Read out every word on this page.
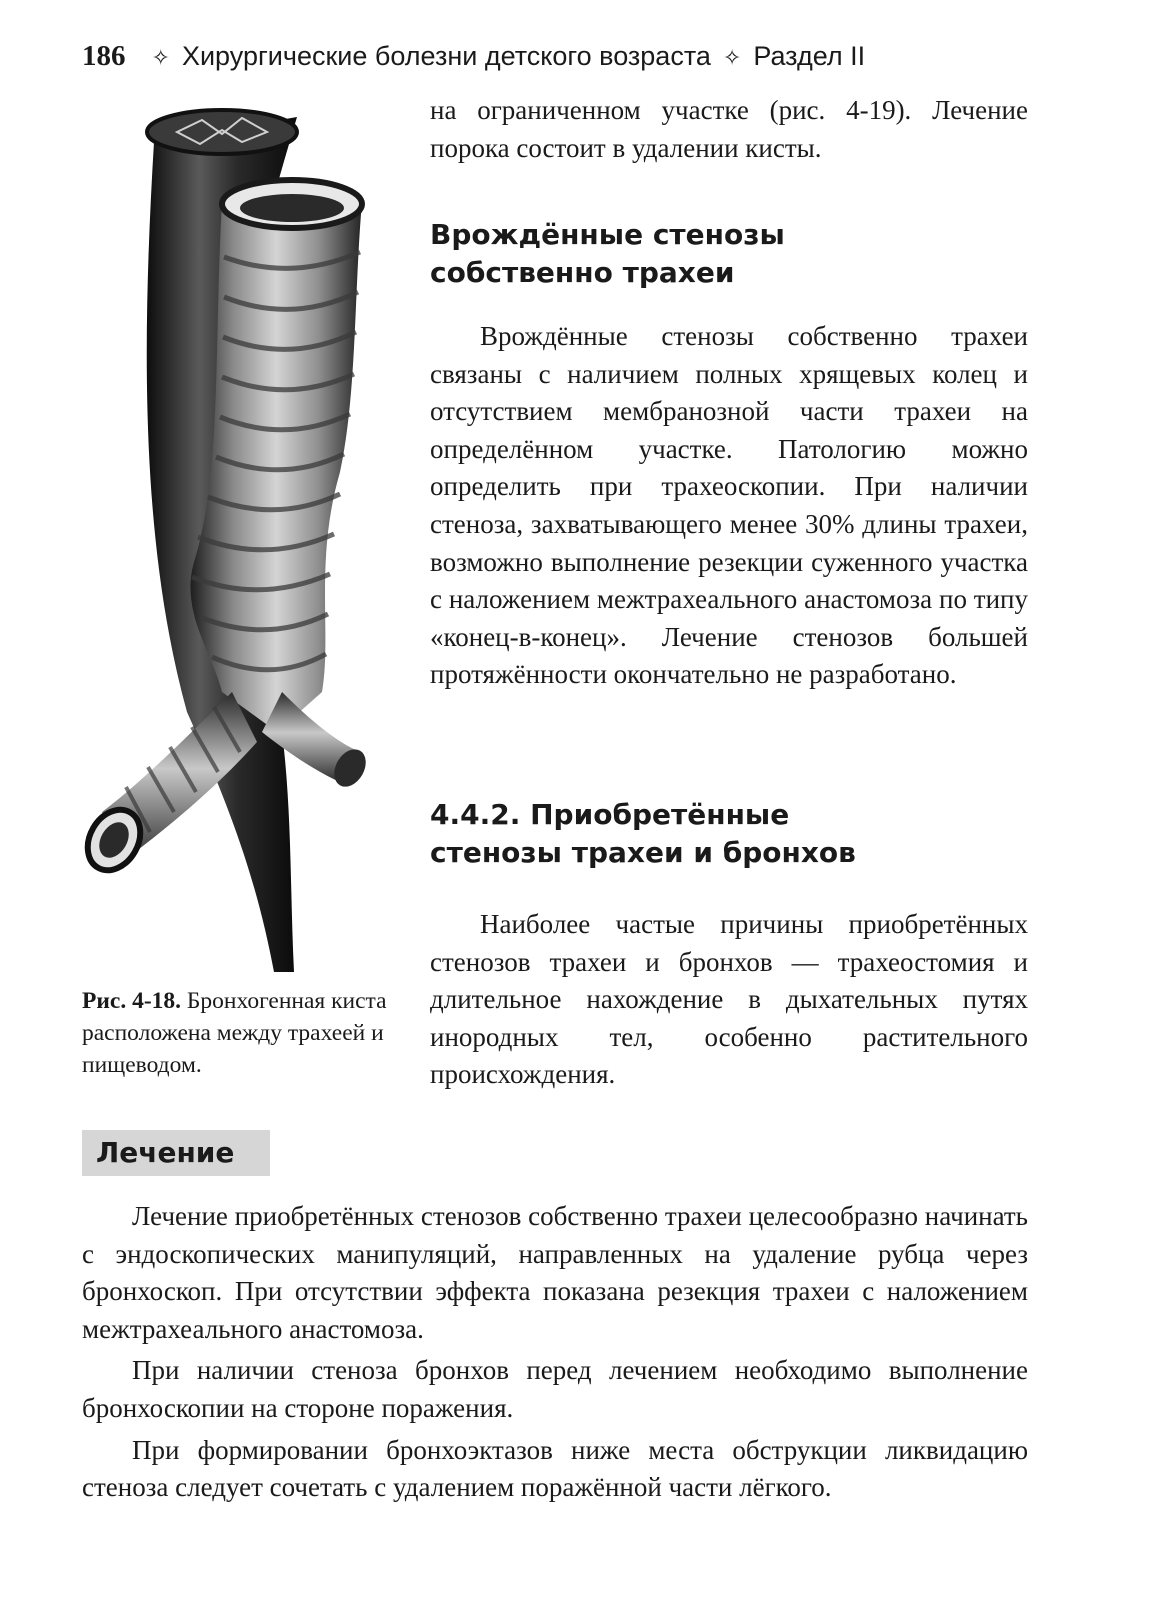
186 ✧ Хирургические болезни детского возраста ✧ Раздел II
Рис. 4-18. Бронхогенная киста расположена между трахеей и пищеводом.

на ограниченном участке (рис. 4-19). Лечение порока состоит в удалении кисты.

Врождённые стенозы
собственно трахеи

Врождённые стенозы собственно трахеи связаны с наличием полных хрящевых колец и отсутствием мембранозной части трахеи на определённом участке. Патологию можно определить при трахеоскопии. При наличии стеноза, захватывающего менее 30% длины трахеи, возможно выполнение резекции суженного участка с наложением межтрахеального анастомоза по типу «конец-в-конец». Лечение стенозов большей протяжённости окончательно не разработано.

4.4.2. Приобретённые
стенозы трахеи и бронхов

Наиболее частые причины приобретённых стенозов трахеи и бронхов — трахеостомия и длительное нахождение в дыхательных путях инородных тел, особенно растительного происхождения.

Лечение

Лечение приобретённых стенозов собственно трахеи целесообразно начинать с эндоскопических манипуляций, направленных на удаление рубца через бронхоскоп. При отсутствии эффекта показана резекция трахеи с наложением межтрахеального анастомоза.

При наличии стеноза бронхов перед лечением необходимо выполнение бронхоскопии на стороне поражения.

При формировании бронхоэктазов ниже места обструкции ликвидацию стеноза следует сочетать с удалением поражённой части лёгкого.
